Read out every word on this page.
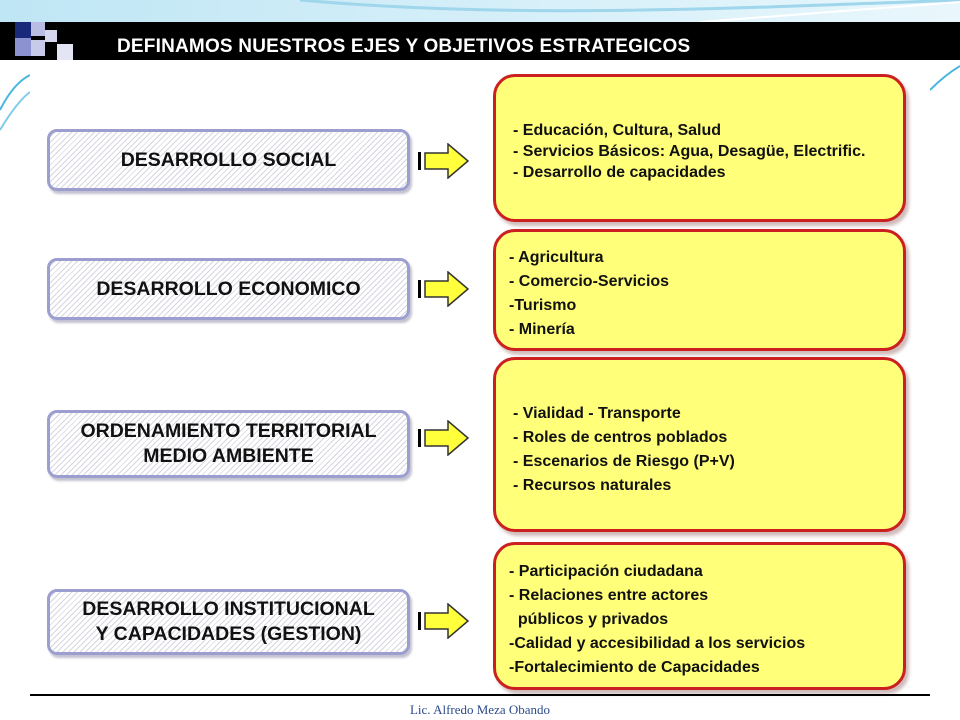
DEFINAMOS NUESTROS EJES Y OBJETIVOS ESTRATEGICOS
DESARROLLO SOCIAL
- Educación, Cultura, Salud
- Servicios Básicos: Agua, Desagüe, Electrific.
- Desarrollo de capacidades
DESARROLLO ECONOMICO
- Agricultura
- Comercio-Servicios
-Turismo
- Minería
ORDENAMIENTO TERRITORIAL
MEDIO AMBIENTE
- Vialidad - Transporte
- Roles de centros poblados
- Escenarios de Riesgo (P+V)
- Recursos naturales
DESARROLLO INSTITUCIONAL
Y CAPACIDADES (GESTION)
- Participación ciudadana
- Relaciones entre actores
públicos y privados
-Calidad y accesibilidad a los servicios
-Fortalecimiento de Capacidades
Lic. Alfredo Meza Obando
